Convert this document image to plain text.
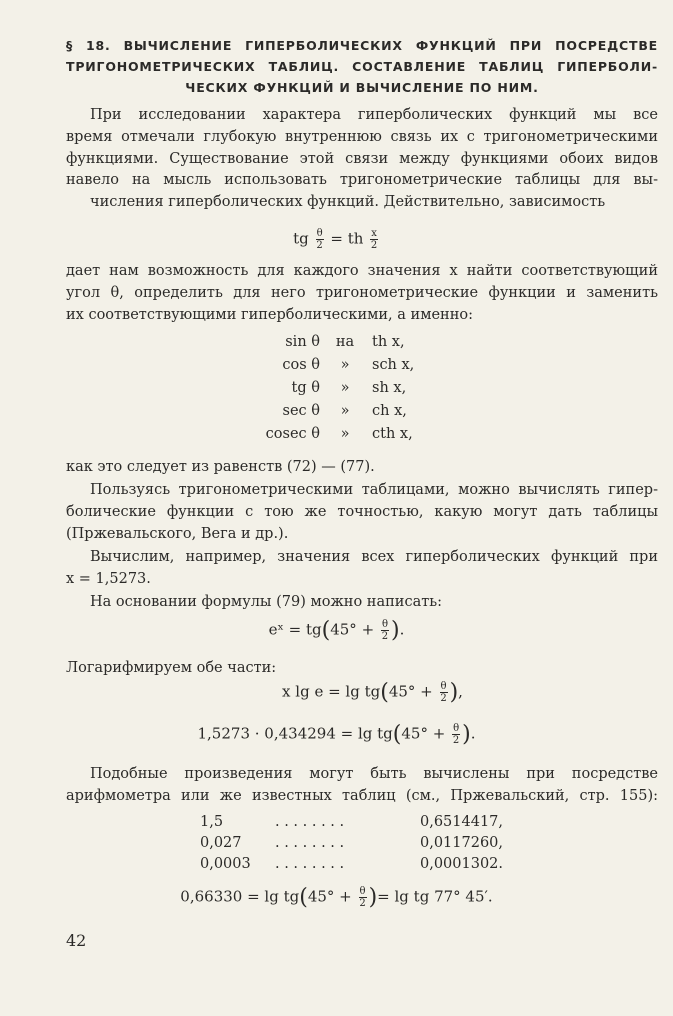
§ 18. ВЫЧИСЛЕНИЕ ГИПЕРБОЛИЧЕСКИХ ФУНКЦИЙ ПРИ ПОСРЕДСТВЕ
ТРИГОНОМЕТРИЧЕСКИХ ТАБЛИЦ. СОСТАВЛЕНИЕ ТАБЛИЦ ГИПЕРБОЛИ-
ЧЕСКИХ ФУНКЦИЙ И ВЫЧИСЛЕНИЕ ПО НИМ.
При исследовании характера гиперболических функций мы все
время отмечали глубокую внутреннюю связь их с тригонометрическими
функциями. Существование этой связи между функциями обоих видов
навело на мысль использовать тригонометрические таблицы для вы-
числения гиперболических функций. Действительно, зависимость
tg $\frac{\theta}{2}$ = th $\frac{x}{2}$
дает нам возможность для каждого значения x найти соответствующий
угол θ, определить для него тригонометрические функции и заменить
их соответствующими гиперболическими, а именно:
sin θ	на	th x,
cos θ	»	sch x,
tg θ	»	sh x,
sec θ	»	ch x,
cosec θ	»	cth x,
как это следует из равенств (72) — (77).
Пользуясь тригонометрическими таблицами, можно вычислять гипер-
болические функции с тою же точностью, какую могут дать таблицы
(Пржевальского, Вега и др.).
Вычислим, например, значения всех гиперболических функций при
x = 1,5273.
На основании формулы (79) можно написать:
eˣ = $tg(45^\circ + \frac{\theta}{2}$ ).
Логарифмируем обе части:
x $\lg e = \lg tg(45^\circ + \frac{\theta}{2}$ ),
$1,5273 \cdot 0,434294 = \lg tg(45^\circ + \frac{\theta}{2}$ ).
Подобные произведения могут быть вычислены при посредстве
арифмометра или же известных таблиц (см., Пржевальский, стр. 155):
1,5	. . . . . . . .	0,6514417,
0,027	. . . . . . . .	0,0117260,
0,0003	. . . . . . . .	0,0001302.
$0,66330 = \lg tg(45^\circ + \frac{\theta}{2}$ )= lg tg 77° 45′.
42
